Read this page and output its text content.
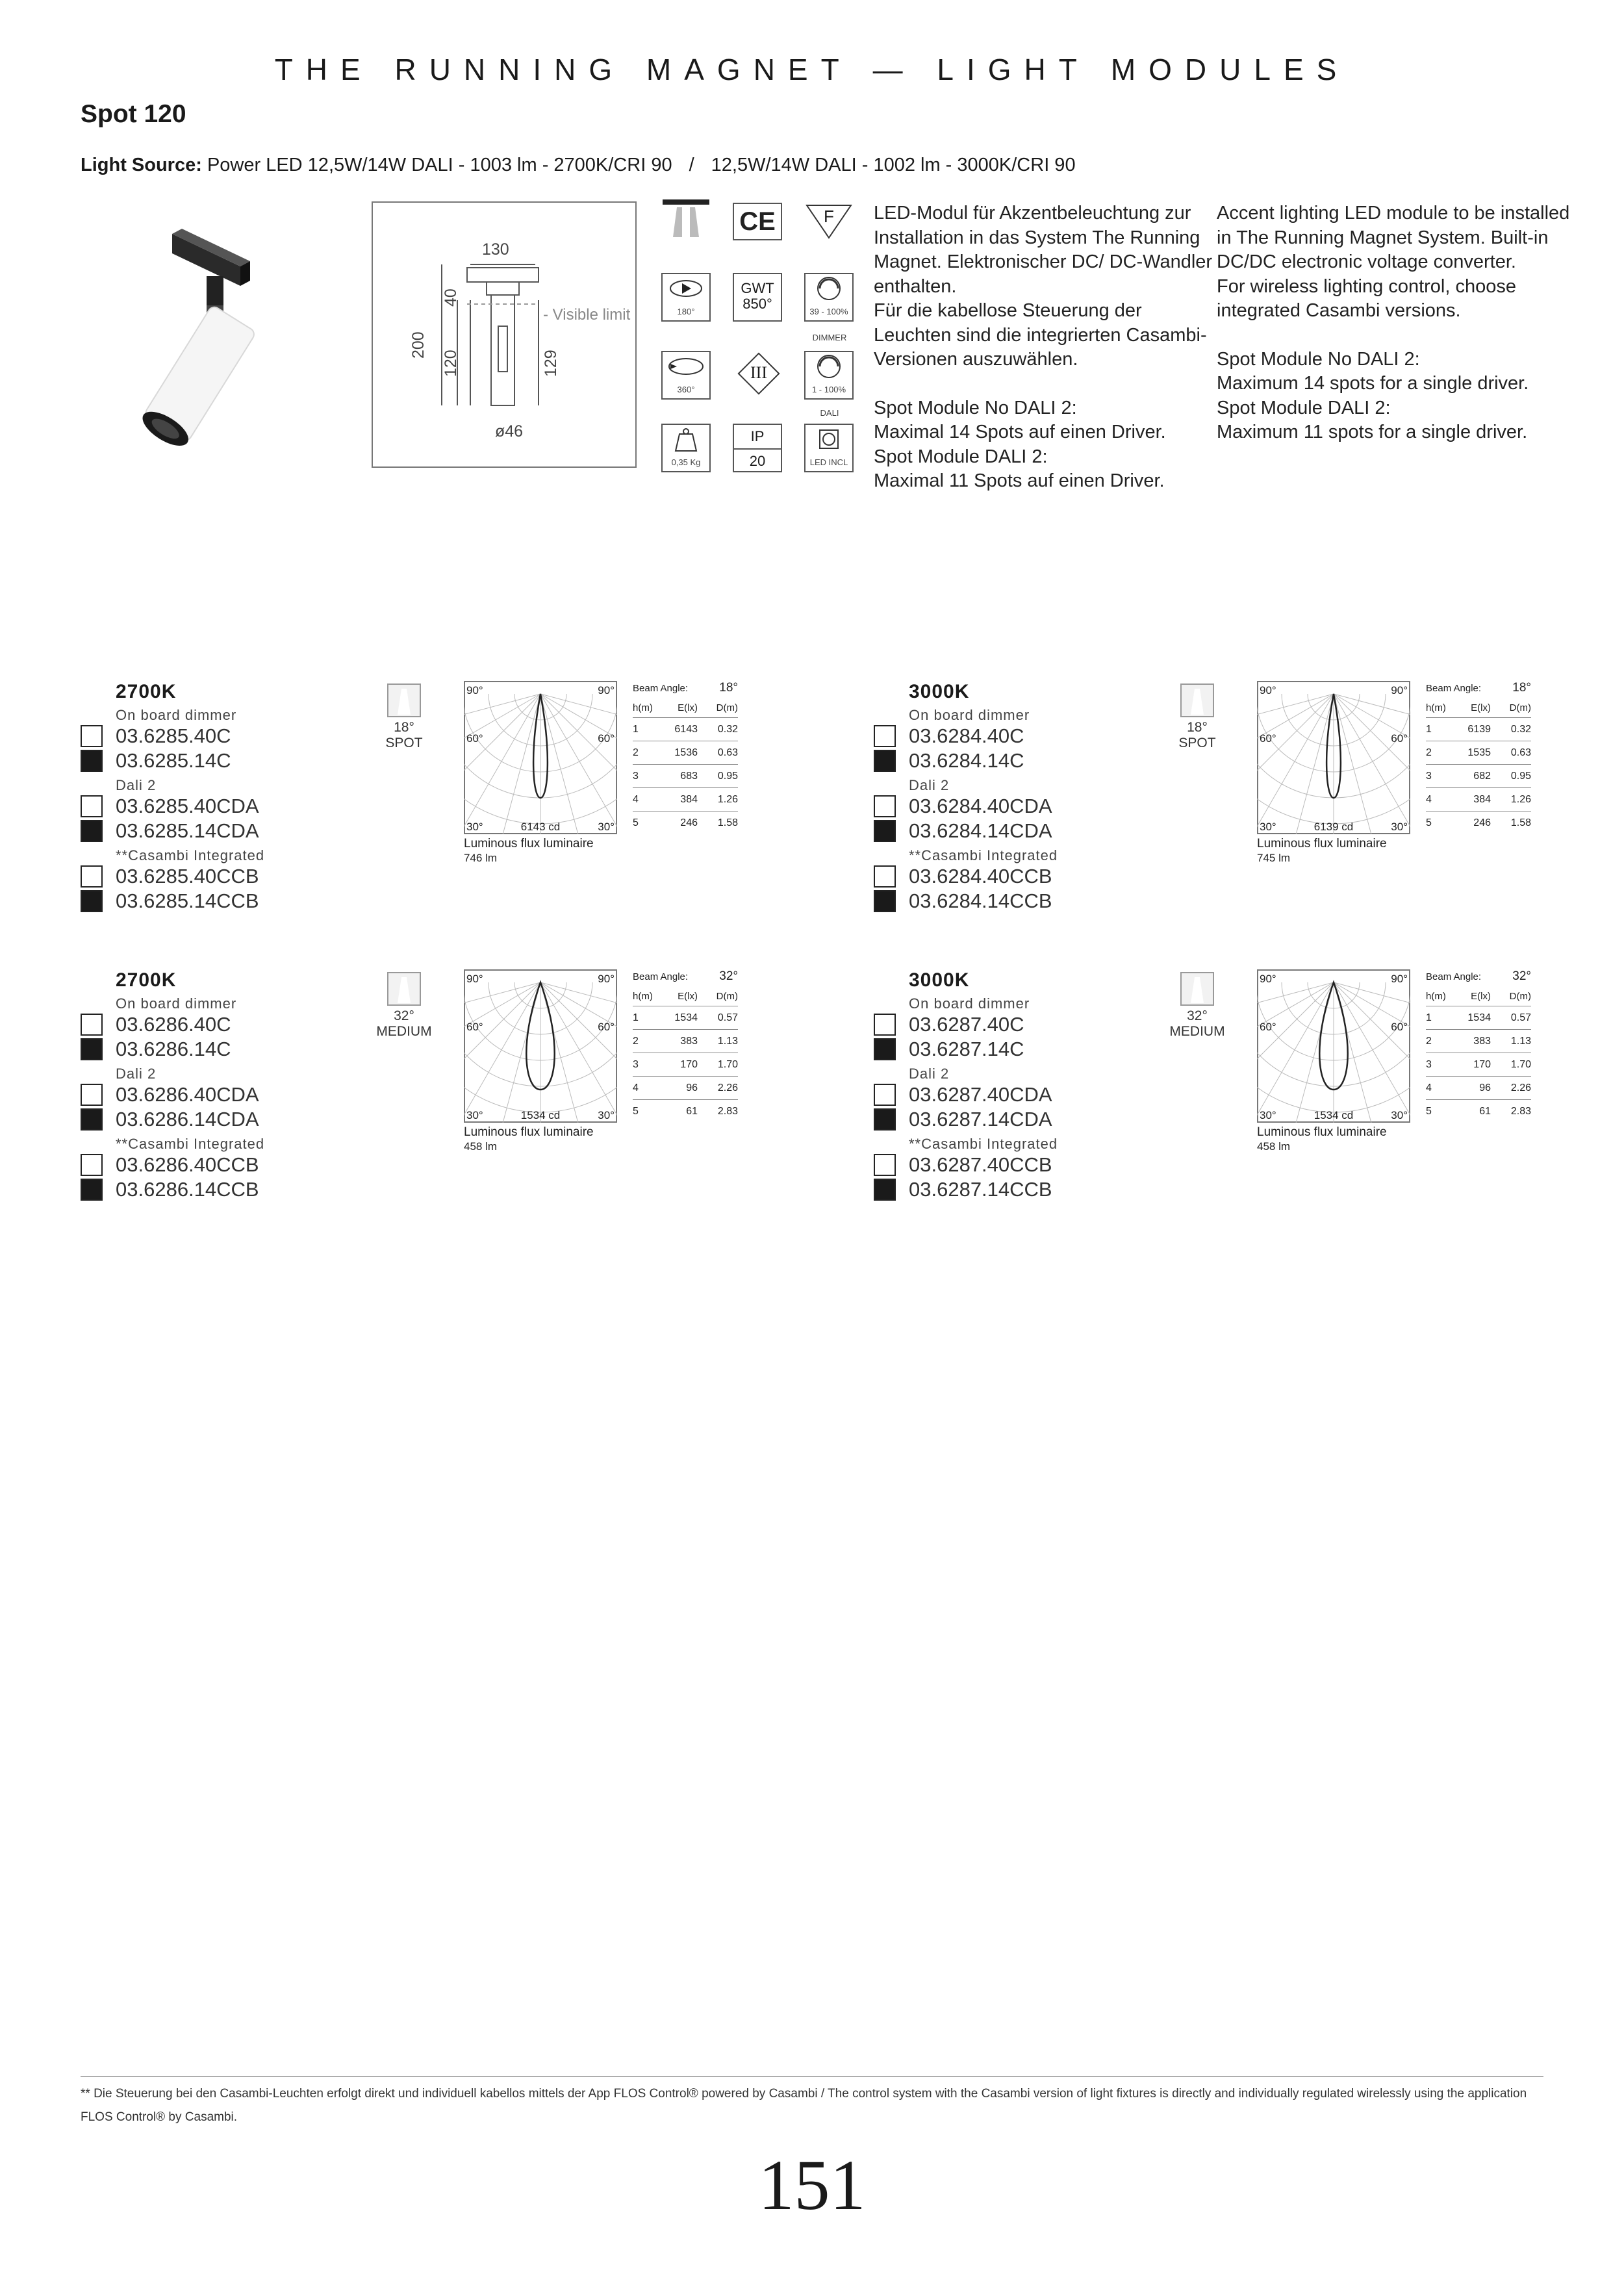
THE RUNNING MAGNET — LIGHT MODULES
Spot 120
Light Source: Power LED 12,5W/14W DALI - 1003 lm - 2700K/CRI 90 / 12,5W/14W DALI - 1002 lm - 3000K/CRI 90
130
ø46
200
40
120	129
- Visible limit
CE	F
180°
GWT
850°	39 - 100%
DIMMER
360°
III
1 - 100%
DALI
0,35 Kg
IP
20	LED INCL

LED-Modul für Akzentbeleuchtung zur Installation in das System The Running Magnet. Elektronischer DC/ DC-Wandler enthalten.

Für die kabellose Steuerung der Leuchten sind die integrierten Casambi-Versionen auszuwählen.

Spot Module No DALI 2:

Maximal 14 Spots auf einen Driver.

Spot Module DALI 2:

Maximal 11 Spots auf einen Driver.

Accent lighting LED module to be installed in The Running Magnet System. Built-in DC/DC electronic voltage converter.

For wireless lighting control, choose integrated Casambi versions.

Spot Module No DALI 2:

Maximum 14 spots for a single driver.

Spot Module DALI 2:

Maximum 11 spots for a single driver.

2700K
On board dimmer
03.6285.40C
03.6285.14C
Dali 2
03.6285.40CDA
03.6285.14CDA
**Casambi Integrated
03.6285.40CCB
03.6285.14CCB
18°
SPOT
90°	90°
60°	60°
30°	30°
6143 cd
Luminous flux luminaire
746 lm
Beam Angle:	18°
h(m)	E(lx)	D(m)
1	6143	0.32
2	1536	0.63
3	683	0.95
4	384	1.26
5	246	1.58
3000K
On board dimmer
03.6284.40C
03.6284.14C
Dali 2
03.6284.40CDA
03.6284.14CDA
**Casambi Integrated
03.6284.40CCB
03.6284.14CCB
18°
SPOT
90°	90°
60°	60°
30°	30°
6139 cd
Luminous flux luminaire
745 lm
Beam Angle:	18°
h(m)	E(lx)	D(m)
1	6139	0.32
2	1535	0.63
3	682	0.95
4	384	1.26
5	246	1.58
2700K
On board dimmer
03.6286.40C
03.6286.14C
Dali 2
03.6286.40CDA
03.6286.14CDA
**Casambi Integrated
03.6286.40CCB
03.6286.14CCB
32°
MEDIUM
90°	90°
60°	60°
30°	30°
1534 cd
Luminous flux luminaire
458 lm
Beam Angle:	32°
h(m)	E(lx)	D(m)
1	1534	0.57
2	383	1.13
3	170	1.70
4	96	2.26
5	61	2.83
3000K
On board dimmer
03.6287.40C
03.6287.14C
Dali 2
03.6287.40CDA
03.6287.14CDA
**Casambi Integrated
03.6287.40CCB
03.6287.14CCB
32°
MEDIUM
90°	90°
60°	60°
30°	30°
1534 cd
Luminous flux luminaire
458 lm
Beam Angle:	32°
h(m)	E(lx)	D(m)
1	1534	0.57
2	383	1.13
3	170	1.70
4	96	2.26
5	61	2.83
** Die Steuerung bei den Casambi-Leuchten erfolgt direkt und individuell kabellos mittels der App FLOS Control® powered by Casambi / The control system with the Casambi version of light fixtures is directly and individually regulated wirelessly using the application FLOS Control® by Casambi.
151
